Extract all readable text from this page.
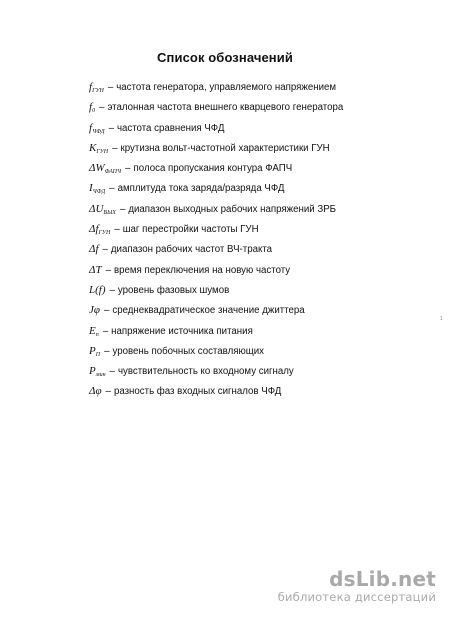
Список обозначений
$f_{ГУН}$ – частота генератора, управляемого напряжением
$f_0$ – эталонная частота внешнего кварцевого генератора
$f_{ЧФД}$ – частота сравнения ЧФД
$K_{ГУН}$ – крутизна вольт-частотной характеристики ГУН
$\Delta W_{ФАПЧ}$ – полоса пропускания контура ФАПЧ
$I_{ЧФД}$ – амплитуда тока заряда/разряда ЧФД
$\Delta U_{ВЫХ}$ – диапазон выходных рабочих напряжений ЗРБ
$\Delta f_{ГУН}$ – шаг перестройки частоты ГУН
Δf – диапазон рабочих частот ВЧ-тракта
ΔT – время переключения на новую частоту
L(f) – уровень фазовых шумов
Jφ – среднеквадратическое значение джиттера
$E_п$ – напряжение источника питания
$P_П$ – уровень побочных составляющих
$P_{мин}$ – чувствительность ко входному сигналу
Δφ – разность фаз входных сигналов ЧФД
1
dsLib.net
библиотека диссертаций
